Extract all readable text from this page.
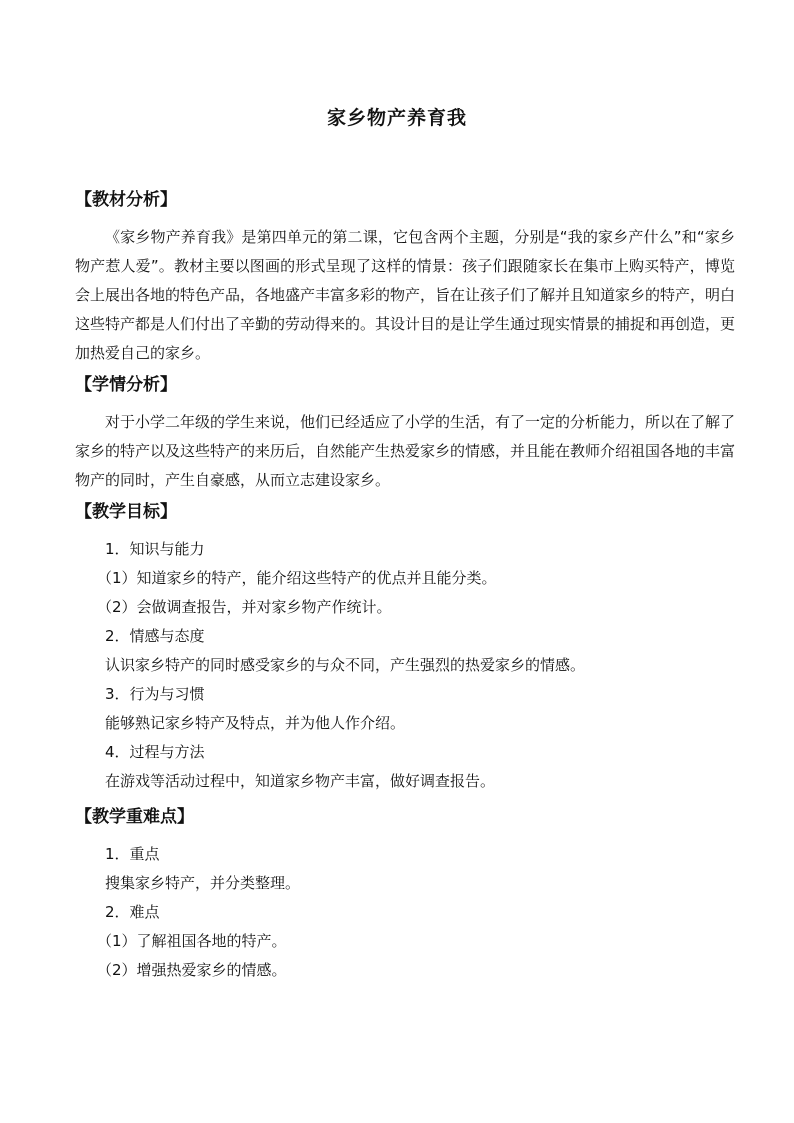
家乡物产养育我
【教材分析】

《家乡物产养育我》是第四单元的第二课，它包含两个主题，分别是“我的家乡产什么”和“家乡物产惹人爱”。教材主要以图画的形式呈现了这样的情景：孩子们跟随家长在集市上购买特产，博览会上展出各地的特色产品，各地盛产丰富多彩的物产，旨在让孩子们了解并且知道家乡的特产，明白这些特产都是人们付出了辛勤的劳动得来的。其设计目的是让学生通过现实情景的捕捉和再创造，更加热爱自己的家乡。

【学情分析】

对于小学二年级的学生来说，他们已经适应了小学的生活，有了一定的分析能力，所以在了解了家乡的特产以及这些特产的来历后，自然能产生热爱家乡的情感，并且能在教师介绍祖国各地的丰富物产的同时，产生自豪感，从而立志建设家乡。

【教学目标】

1．知识与能力

（1）知道家乡的特产，能介绍这些特产的优点并且能分类。

（2）会做调查报告，并对家乡物产作统计。

2．情感与态度

认识家乡特产的同时感受家乡的与众不同，产生强烈的热爱家乡的情感。

3．行为与习惯

能够熟记家乡特产及特点，并为他人作介绍。

4．过程与方法

在游戏等活动过程中，知道家乡物产丰富，做好调查报告。

【教学重难点】

1．重点

搜集家乡特产，并分类整理。

2．难点

（1）了解祖国各地的特产。

（2）增强热爱家乡的情感。
